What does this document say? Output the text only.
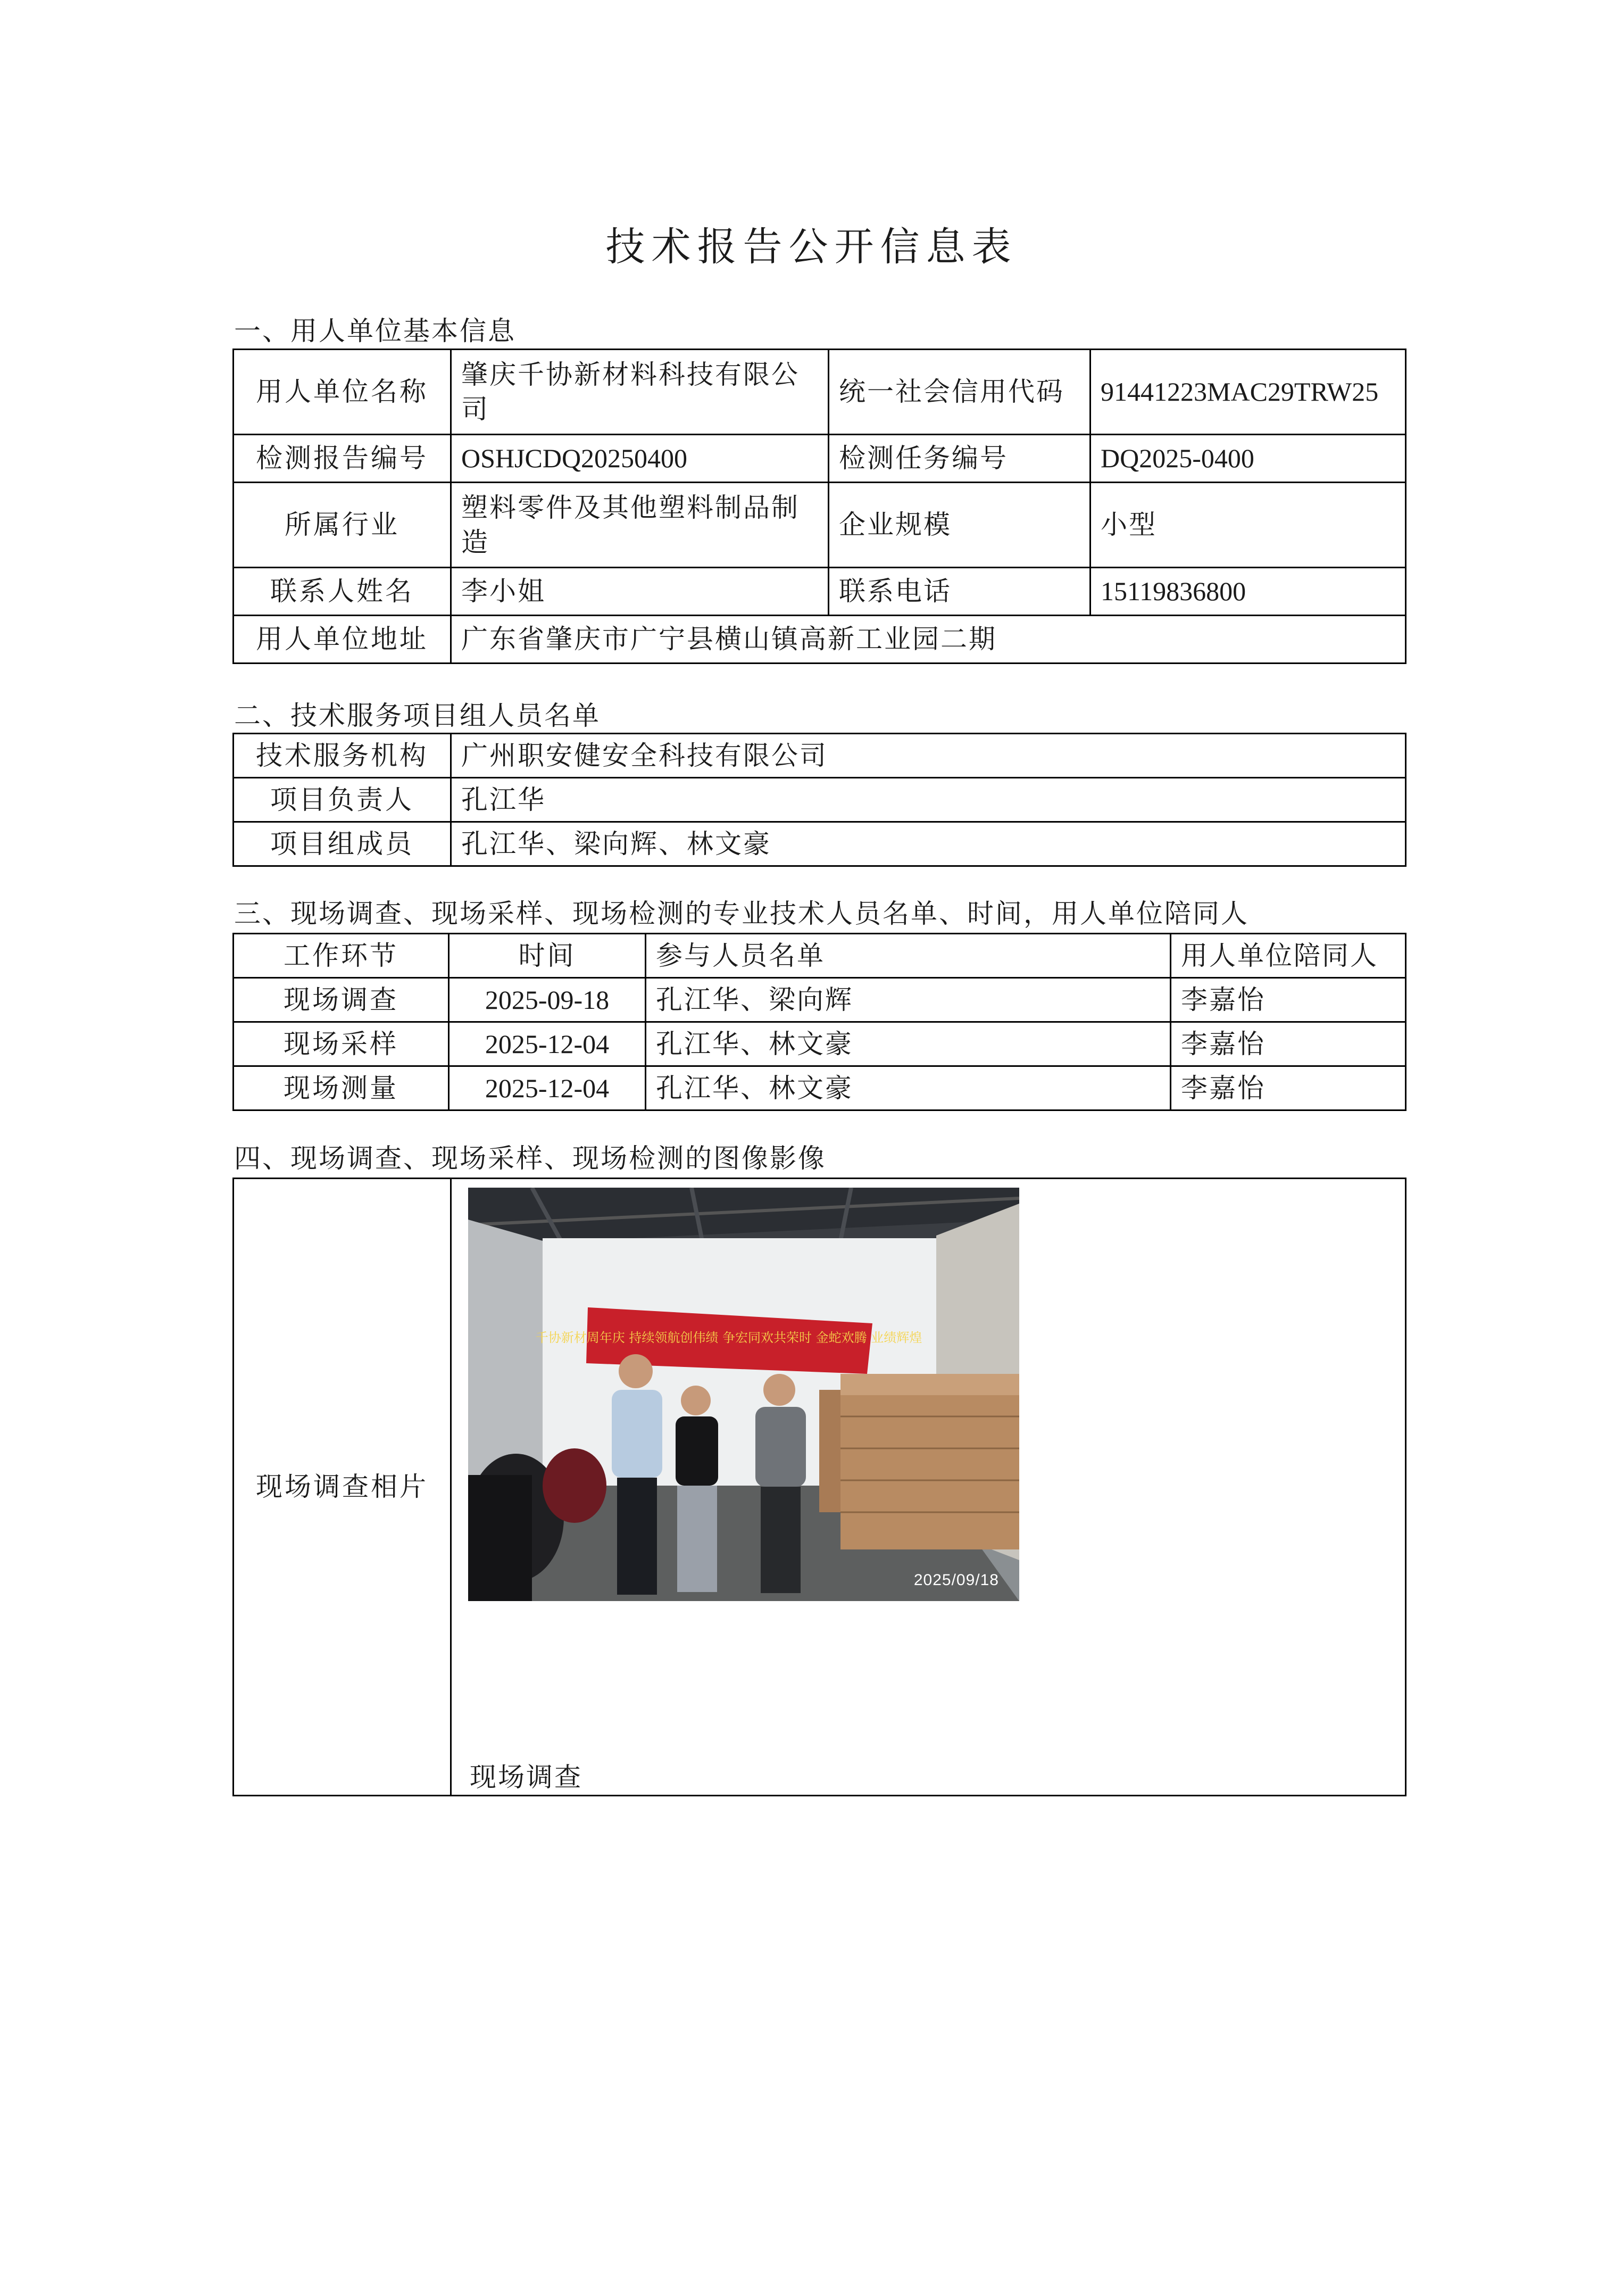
技术报告公开信息表
一、用人单位基本信息
用人单位名称	肇庆千协新材料科技有限公司	统一社会信用代码	91441223MAC29TRW25
检测报告编号	OSHJCDQ20250400	检测任务编号	DQ2025-0400
所属行业	塑料零件及其他塑料制品制造	企业规模	小型
联系人姓名	李小姐	联系电话	15119836800
用人单位地址	广东省肇庆市广宁县横山镇高新工业园二期		
二、技术服务项目组人员名单
技术服务机构	广州职安健安全科技有限公司
项目负责人	孔江华
项目组成员	孔江华、梁向辉、林文豪
三、现场调查、现场采样、现场检测的专业技术人员名单、时间，用人单位陪同人
工作环节	时间	参与人员名单	用人单位陪同人
现场调查	2025-09-18	孔江华、梁向辉	李嘉怡
现场采样	2025-12-04	孔江华、林文豪	李嘉怡
现场测量	2025-12-04	孔江华、林文豪	李嘉怡
四、现场调查、现场采样、现场检测的图像影像
现场调查相片	
千协新材周年庆 持续领航创伟绩 争宏同欢共荣时 金蛇欢腾 业绩辉煌
2025/09/18
现场调查
